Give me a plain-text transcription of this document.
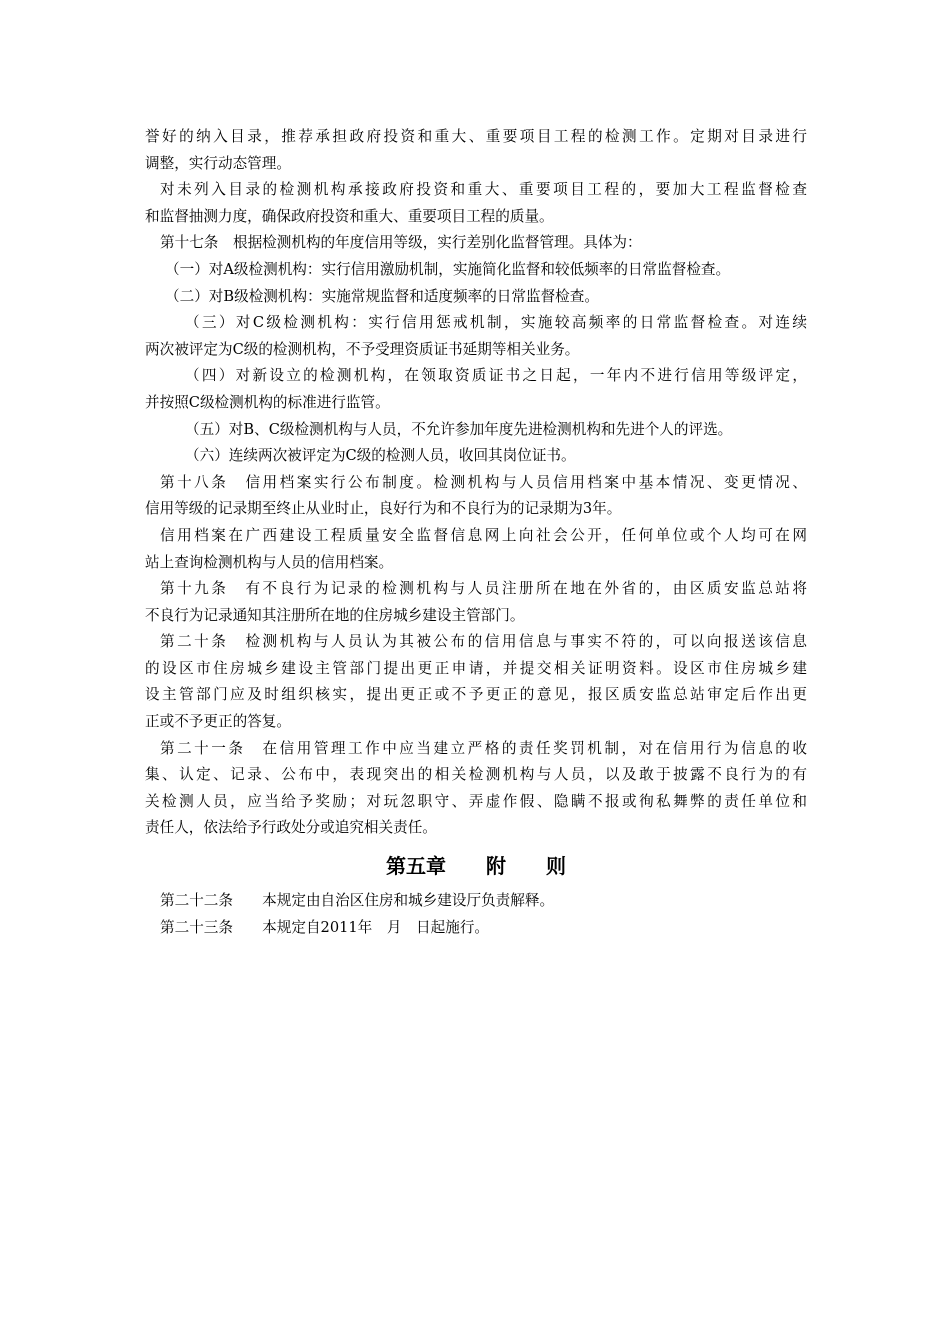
誉好的纳入目录，推荐承担政府投资和重大、重要项目工程的检测工作。定期对目录进行
调整，实行动态管理。
对未列入目录的检测机构承接政府投资和重大、重要项目工程的，要加大工程监督检查
和监督抽测力度，确保政府投资和重大、重要项目工程的质量。
第十七条　根据检测机构的年度信用等级，实行差别化监督管理。具体为：
（一）对A级检测机构：实行信用激励机制，实施简化监督和较低频率的日常监督检查。
（二）对B级检测机构：实施常规监督和适度频率的日常监督检查。
（三）对C级检测机构：实行信用惩戒机制，实施较高频率的日常监督检查。对连续
两次被评定为C级的检测机构，不予受理资质证书延期等相关业务。
（四）对新设立的检测机构，在领取资质证书之日起，一年内不进行信用等级评定，
并按照C级检测机构的标准进行监管。
（五）对B、C级检测机构与人员，不允许参加年度先进检测机构和先进个人的评选。
（六）连续两次被评定为C级的检测人员，收回其岗位证书。
第十八条　信用档案实行公布制度。检测机构与人员信用档案中基本情况、变更情况、
信用等级的记录期至终止从业时止，良好行为和不良行为的记录期为3年。
信用档案在广西建设工程质量安全监督信息网上向社会公开，任何单位或个人均可在网
站上查询检测机构与人员的信用档案。
第十九条　有不良行为记录的检测机构与人员注册所在地在外省的，由区质安监总站将
不良行为记录通知其注册所在地的住房城乡建设主管部门。
第二十条　检测机构与人员认为其被公布的信用信息与事实不符的，可以向报送该信息
的设区市住房城乡建设主管部门提出更正申请，并提交相关证明资料。设区市住房城乡建
设主管部门应及时组织核实，提出更正或不予更正的意见，报区质安监总站审定后作出更
正或不予更正的答复。
第二十一条　在信用管理工作中应当建立严格的责任奖罚机制，对在信用行为信息的收
集、认定、记录、公布中，表现突出的相关检测机构与人员，以及敢于披露不良行为的有
关检测人员，应当给予奖励；对玩忽职守、弄虚作假、隐瞒不报或徇私舞弊的责任单位和
责任人，依法给予行政处分或追究相关责任。
第五章　　附　　则
第二十二条　　本规定由自治区住房和城乡建设厅负责解释。
第二十三条　　本规定自2011年　月　日起施行。
